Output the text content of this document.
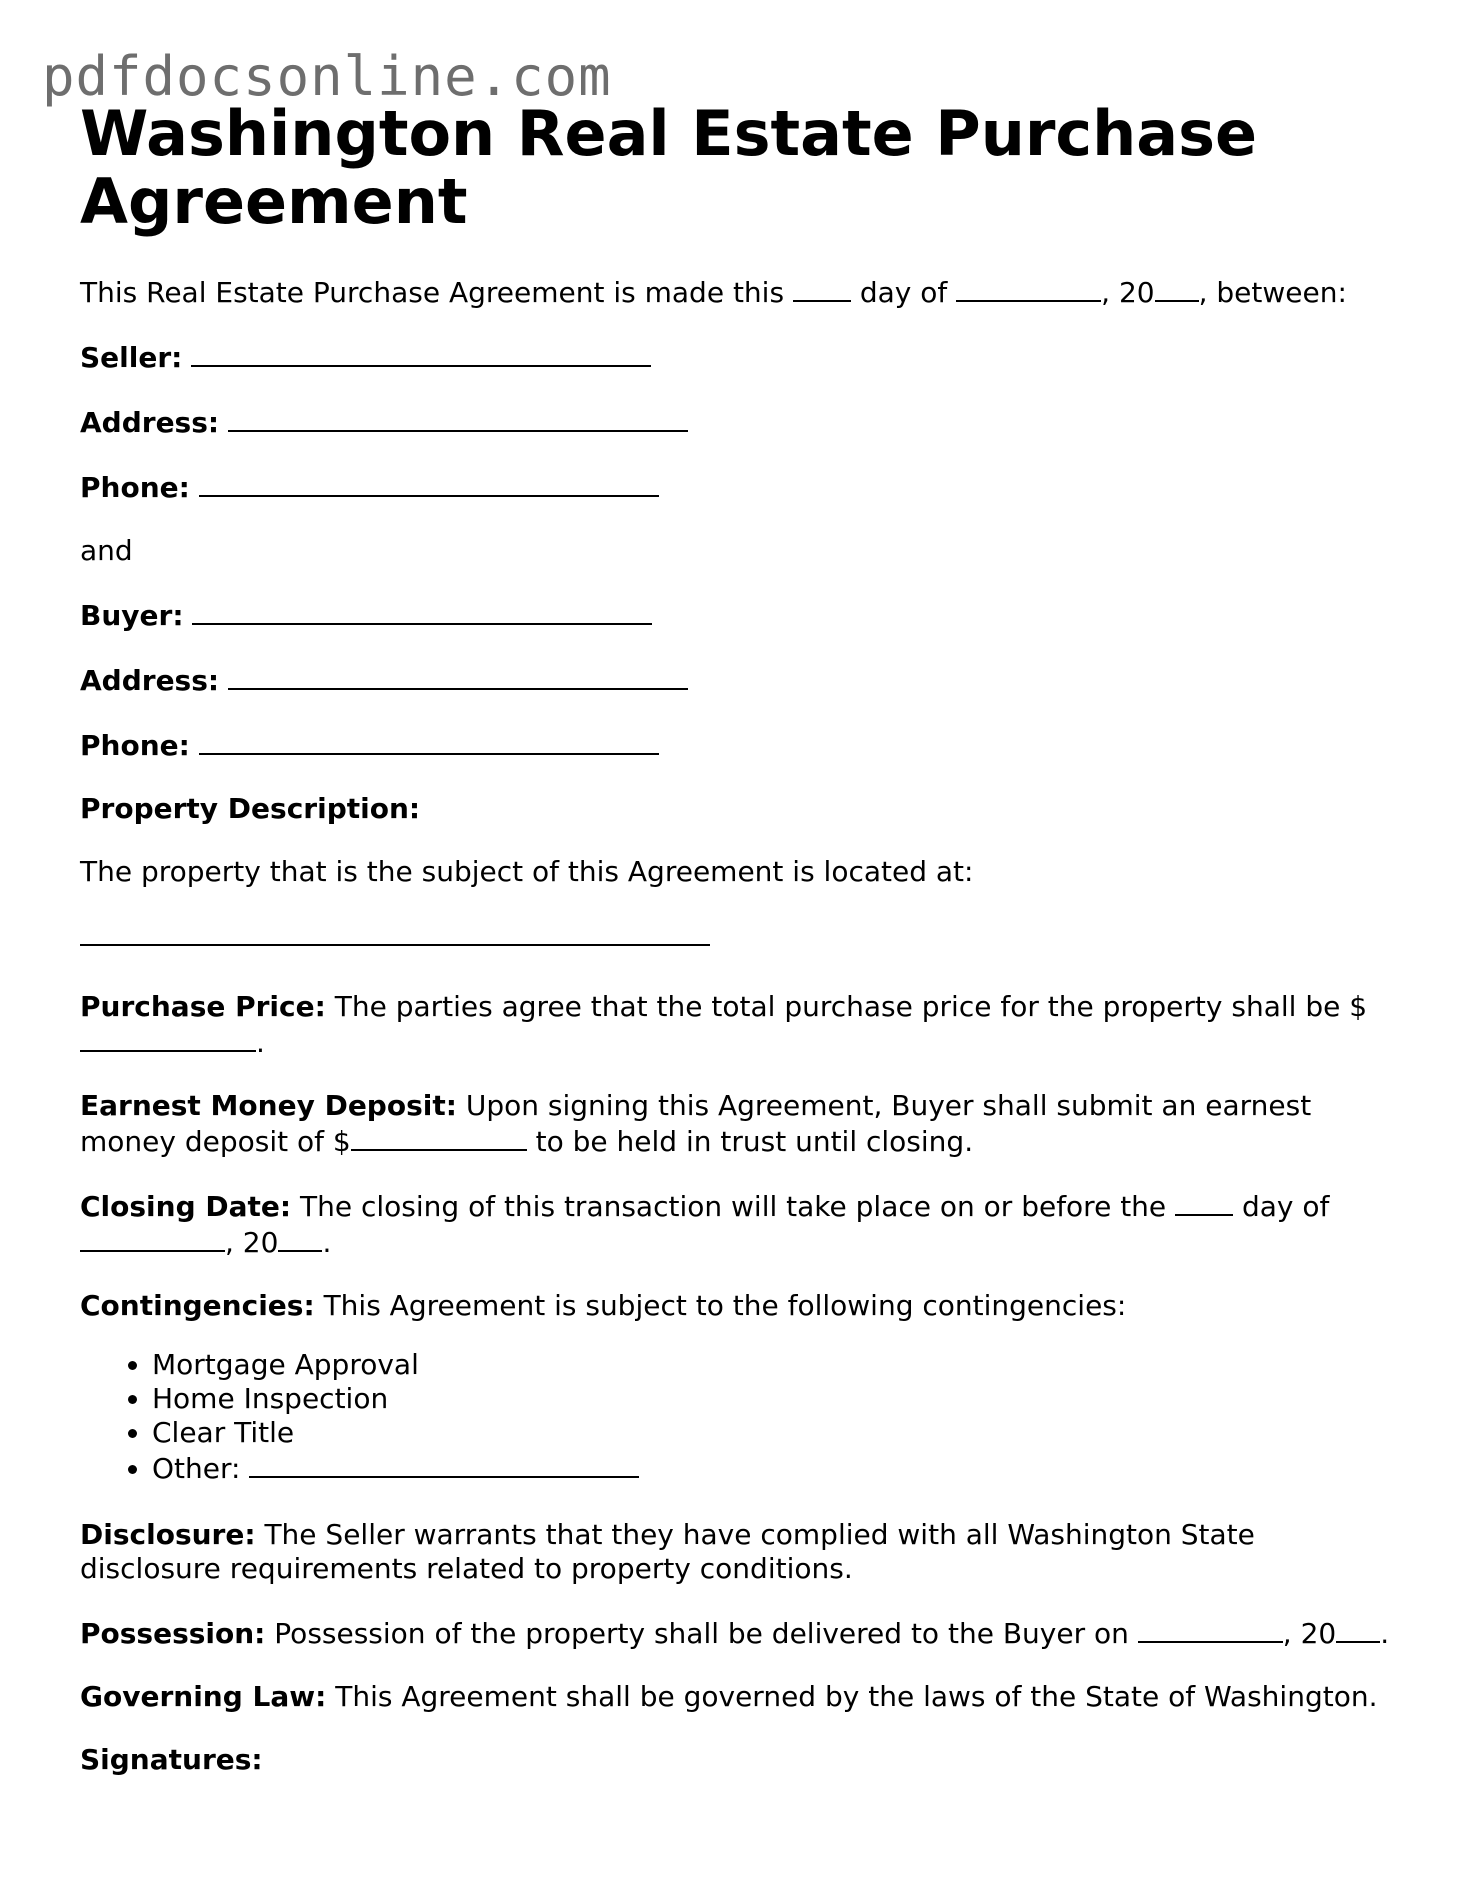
pdfdocsonline.com

Washington Real Estate Purchase Agreement

This Real Estate Purchase Agreement is made this	day of	, 20 , between:

Seller:

Address:

Phone:

and

Buyer:

Address:

Phone:

Property Description:

The property that is the subject of this Agreement is located at:

Purchase Price: The parties agree that the total purchase price for the property shall be $.

Earnest Money Deposit: Upon signing this Agreement, Buyer shall submit an earnest money deposit of $	to be held in trust until closing.

Closing Date: The closing of this transaction will take place on or before the	day of , 20 .

Contingencies: This Agreement is subject to the following contingencies:

• Mortgage Approval
• Home Inspection
• Clear Title
• Other:

Disclosure: The Seller warrants that they have complied with all Washington State disclosure requirements related to property conditions.

Possession: Possession of the property shall be delivered to the Buyer on	, 20 .

Governing Law: This Agreement shall be governed by the laws of the State of Washington.

Signatures:
